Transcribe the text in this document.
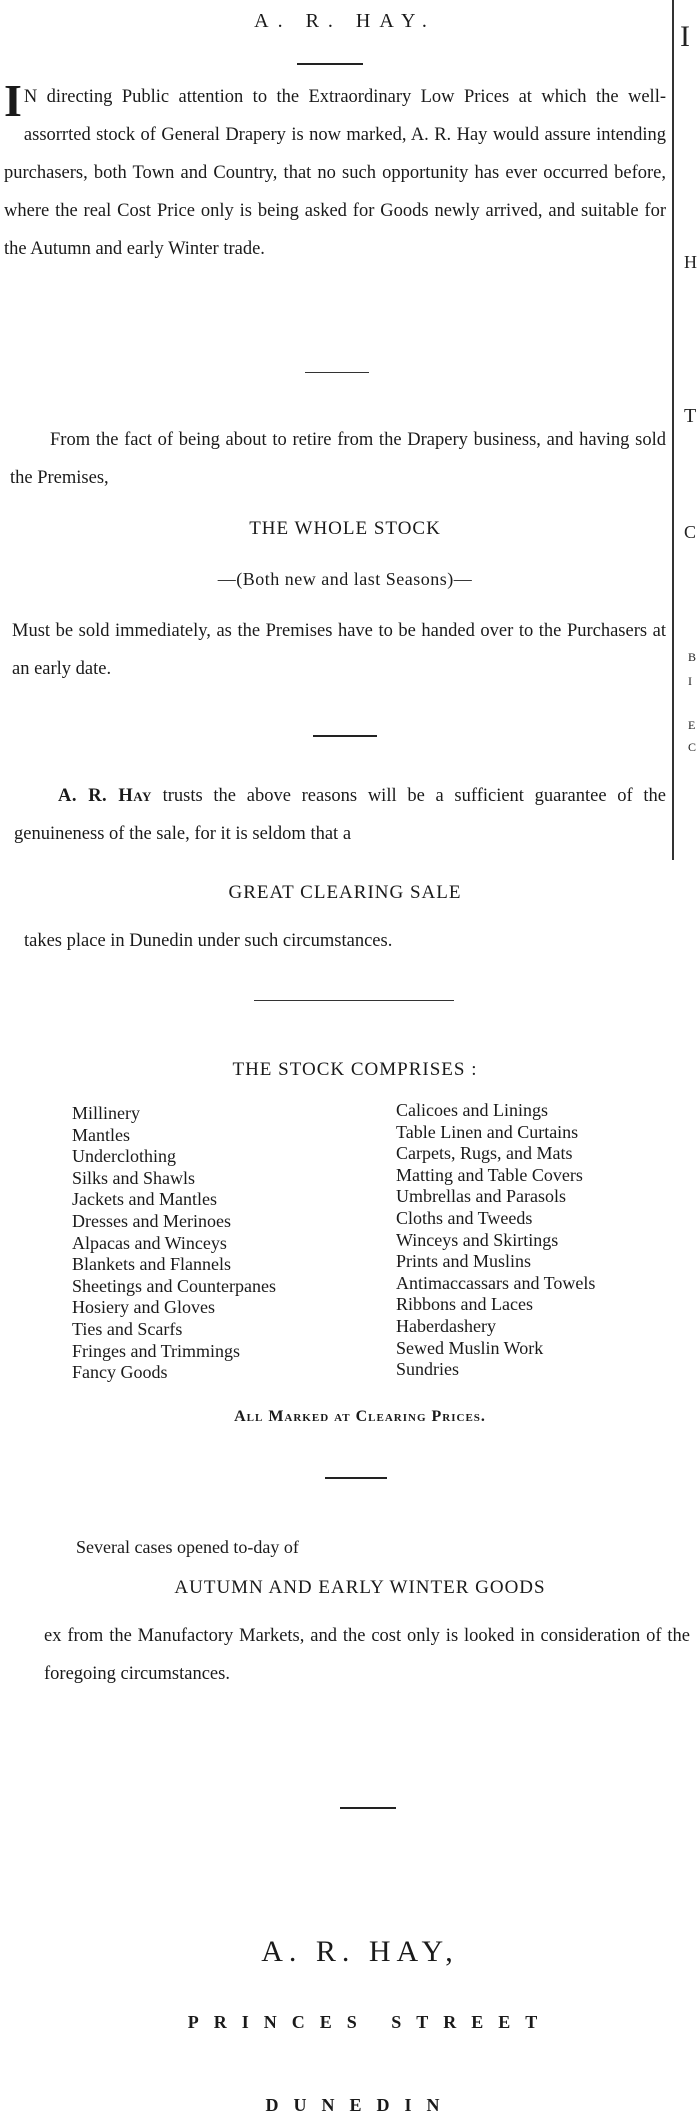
A. R. HAY.
I N directing Public attention to the Extraordinary Low Prices at which the well-assorrted stock of General Drapery is now marked, A. R. Hay would assure intending purchasers, both Town and Country, that no such opportunity has ever occurred before, where the real Cost Price only is being asked for Goods newly arrived, and suitable for the Autumn and early Winter trade.
From the fact of being about to retire from the Drapery business, and having sold the Premises,
THE WHOLE STOCK
—(Both new and last Seasons)—
Must be sold immediately, as the Premises have to be handed over to the Purchasers at an early date.
A. R. Hay trusts the above reasons will be a sufficient guarantee of the genuineness of the sale, for it is seldom that a
GREAT CLEARING SALE
takes place in Dunedin under such circumstances.
THE STOCK COMPRISES :
Millinery
Mantles
Underclothing
Silks and Shawls
Jackets and Mantles
Dresses and Merinoes
Alpacas and Winceys
Blankets and Flannels
Sheetings and Counterpanes
Hosiery and Gloves
Ties and Scarfs
Fringes and Trimmings
Fancy Goods
Calicoes and Linings
Table Linen and Curtains
Carpets, Rugs, and Mats
Matting and Table Covers
Umbrellas and Parasols
Cloths and Tweeds
Winceys and Skirtings
Prints and Muslins
Antimaccassars and Towels
Ribbons and Laces
Haberdashery
Sewed Muslin Work
Sundries
All Marked at Clearing Prices.
Several cases opened to-day of
AUTUMN AND EARLY WINTER GOODS
ex from the Manufactory Markets, and the cost only is looked in consideration of the foregoing circumstances.
A. R. HAY,
PRINCES STREET
DUNEDIN
I
H
T
C
B
I
E
C
